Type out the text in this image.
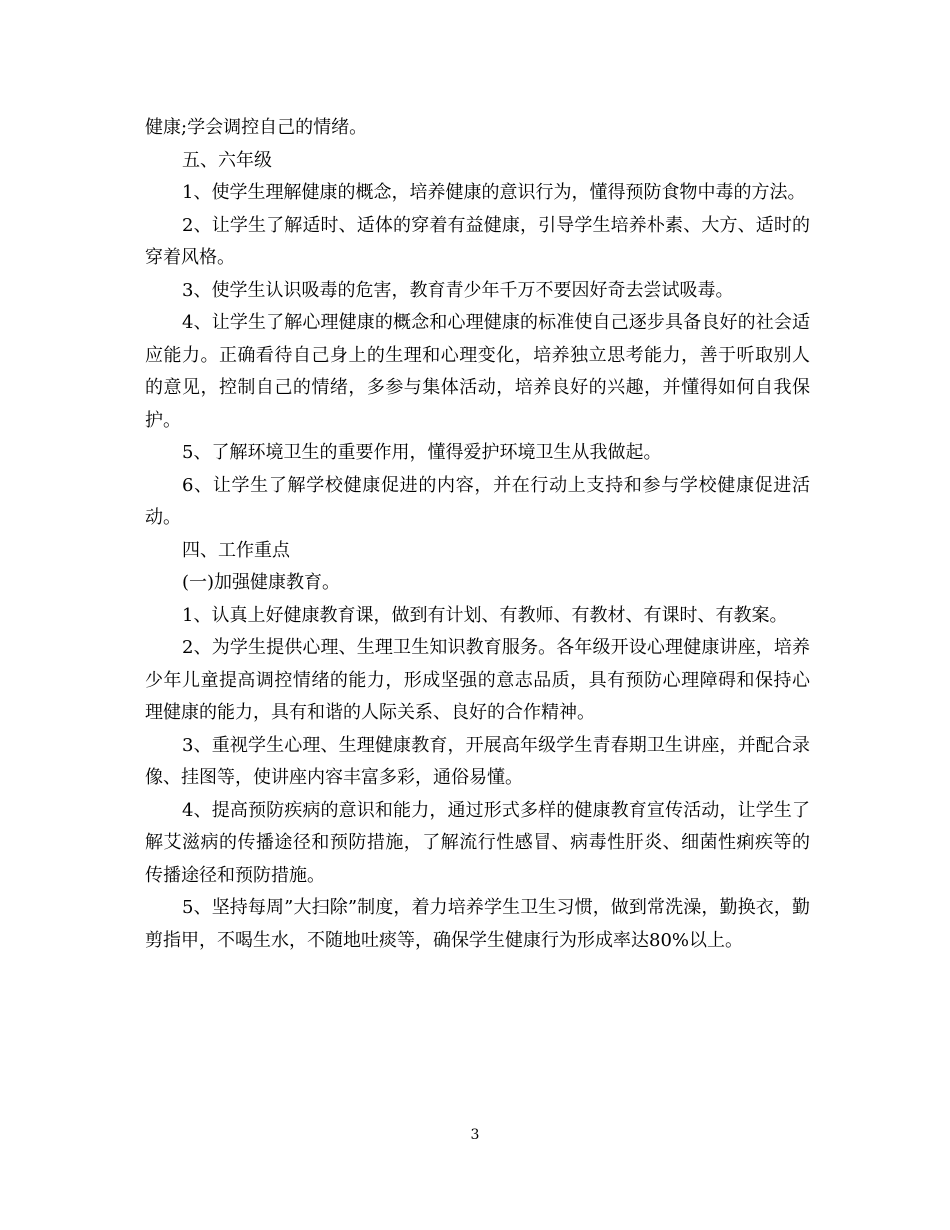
健康;学会调控自己的情绪。

五、六年级

1、使学生理解健康的概念，培养健康的意识行为，懂得预防食物中毒的方法。

2、让学生了解适时、适体的穿着有益健康，引导学生培养朴素、大方、适时的穿着风格。

3、使学生认识吸毒的危害，教育青少年千万不要因好奇去尝试吸毒。

4、让学生了解心理健康的概念和心理健康的标准使自己逐步具备良好的社会适应能力。正确看待自己身上的生理和心理变化，培养独立思考能力，善于听取别人的意见，控制自己的情绪，多参与集体活动，培养良好的兴趣，并懂得如何自我保护。

5、了解环境卫生的重要作用，懂得爱护环境卫生从我做起。

6、让学生了解学校健康促进的内容，并在行动上支持和参与学校健康促进活动。

四、工作重点

(一)加强健康教育。

1、认真上好健康教育课，做到有计划、有教师、有教材、有课时、有教案。

2、为学生提供心理、生理卫生知识教育服务。各年级开设心理健康讲座，培养少年儿童提高调控情绪的能力，形成坚强的意志品质，具有预防心理障碍和保持心理健康的能力，具有和谐的人际关系、良好的合作精神。

3、重视学生心理、生理健康教育，开展高年级学生青春期卫生讲座，并配合录像、挂图等，使讲座内容丰富多彩，通俗易懂。

4、提高预防疾病的意识和能力，通过形式多样的健康教育宣传活动，让学生了解艾滋病的传播途径和预防措施，了解流行性感冒、病毒性肝炎、细菌性痢疾等的传播途径和预防措施。

5、坚持每周”大扫除”制度，着力培养学生卫生习惯，做到常洗澡，勤换衣，勤剪指甲，不喝生水，不随地吐痰等，确保学生健康行为形成率达80%以上。

3
